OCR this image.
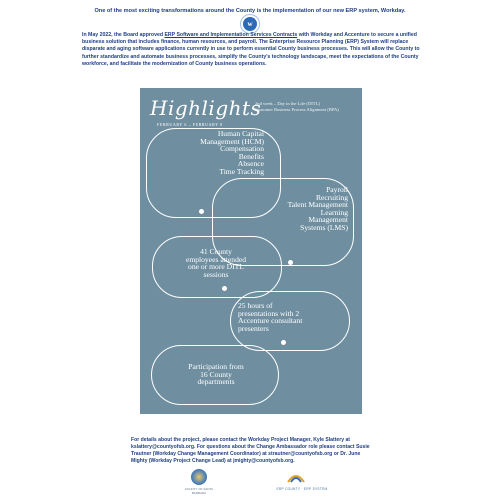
One of the most exciting transformations around the County is the implementation of our new ERP system, Workday.
w
In May 2022, the Board approved ERP Software and Implementation Services Contracts with Workday and Accenture to secure a unified business solution that includes finance, human resources, and payroll. The Enterprise Resource Planning (ERP) System will replace disparate and aging software applications currently in use to perform essential County business processes. This will allow the County to further standardize and automate business processes, simplify the County's technology landscape, meet the expectations of the County workforce, and facilitate the modernization of County business operations.
Highlights
FEBRUARY 6 – FEBRUARY 8
2nd week – Day in the Life (DITL)
Customer Business Process Alignment (BPA)
Human Capital
Management (HCM)
Compensation
Benefits
Absence
Time Tracking
Payroll
Recruiting
Talent Management
Learning
Management
Systems (LMS)
41 County
employees attended
one or more DITL
sessions
25 hours of
presentations with 2
Accenture consultant
presenters
Participation from
16 County
departments
For details about the project, please contact the Workday Project Manager, Kyle Slattery at kslattery@countyofsb.org. For questions about the Change Ambassador role please contact Susie Trautner (Workday Change Management Coordinator) at strautner@countyofsb.org or Dr. June Mighty (Workday Project Change Lead) at jmighty@countyofsb.org.
COUNTY OF SANTA BARBARA
ERP COUNTY · ERP SYSTEM
